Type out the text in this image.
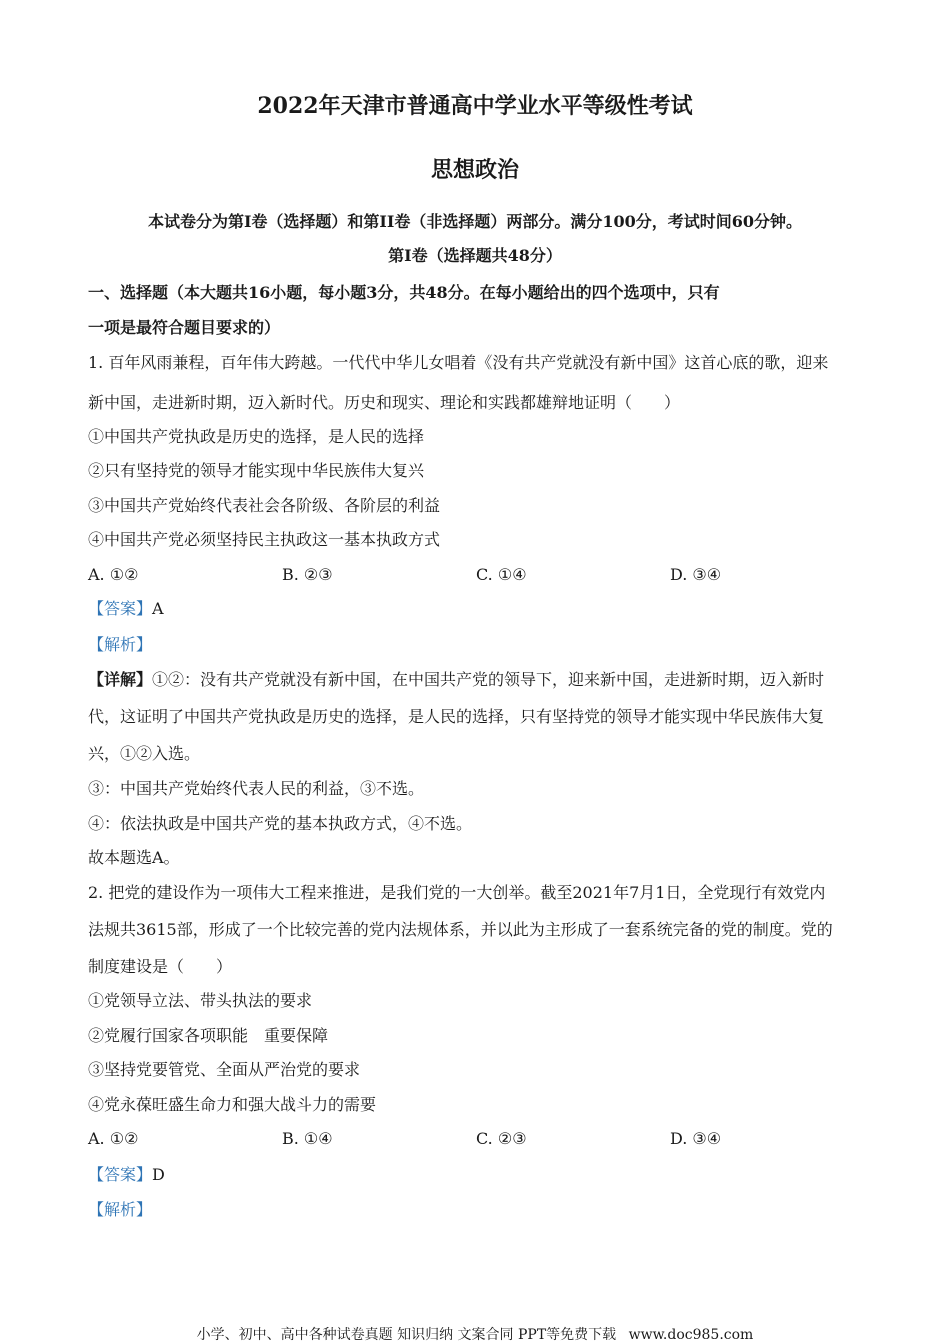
2022年天津市普通高中学业水平等级性考试
思想政治
本试卷分为第Ⅰ卷（选择题）和第II卷（非选择题）两部分。满分100分，考试时间60分钟。
第Ⅰ卷（选择题共48分）
一、选择题（本大题共16小题，每小题3分，共48分。在每小题给出的四个选项中，只有
一项是最符合题目要求的）
1. 百年风雨兼程，百年伟大跨越。一代代中华儿女唱着《没有共产党就没有新中国》这首心底的歌，迎来
新中国，走进新时期，迈入新时代。历史和现实、理论和实践都雄辩地证明（　　）
①中国共产党执政是历史的选择，是人民的选择
②只有坚持党的领导才能实现中华民族伟大复兴
③中国共产党始终代表社会各阶级、各阶层的利益
④中国共产党必须坚持民主执政这一基本执政方式
A. ①②	B. ②③	C. ①④	D. ③④
【答案】A
【解析】
【详解】①②：没有共产党就没有新中国，在中国共产党的领导下，迎来新中国，走进新时期，迈入新时
代，这证明了中国共产党执政是历史的选择，是人民的选择，只有坚持党的领导才能实现中华民族伟大复
兴，①②入选。
③：中国共产党始终代表人民的利益，③不选。
④：依法执政是中国共产党的基本执政方式，④不选。
故本题选A。
2. 把党的建设作为一项伟大工程来推进，是我们党的一大创举。截至2021年7月1日，全党现行有效党内
法规共3615部，形成了一个比较完善的党内法规体系，并以此为主形成了一套系统完备的党的制度。党的
制度建设是（　　）
①党领导立法、带头执法的要求
②党履行国家各项职能　重要保障
③坚持党要管党、全面从严治党的要求
④党永葆旺盛生命力和强大战斗力的需要
A. ①②	B. ①④	C. ②③	D. ③④
【答案】D
【解析】
小学、初中、高中各种试卷真题 知识归纳 文案合同 PPT等免费下载 www.doc985.com
